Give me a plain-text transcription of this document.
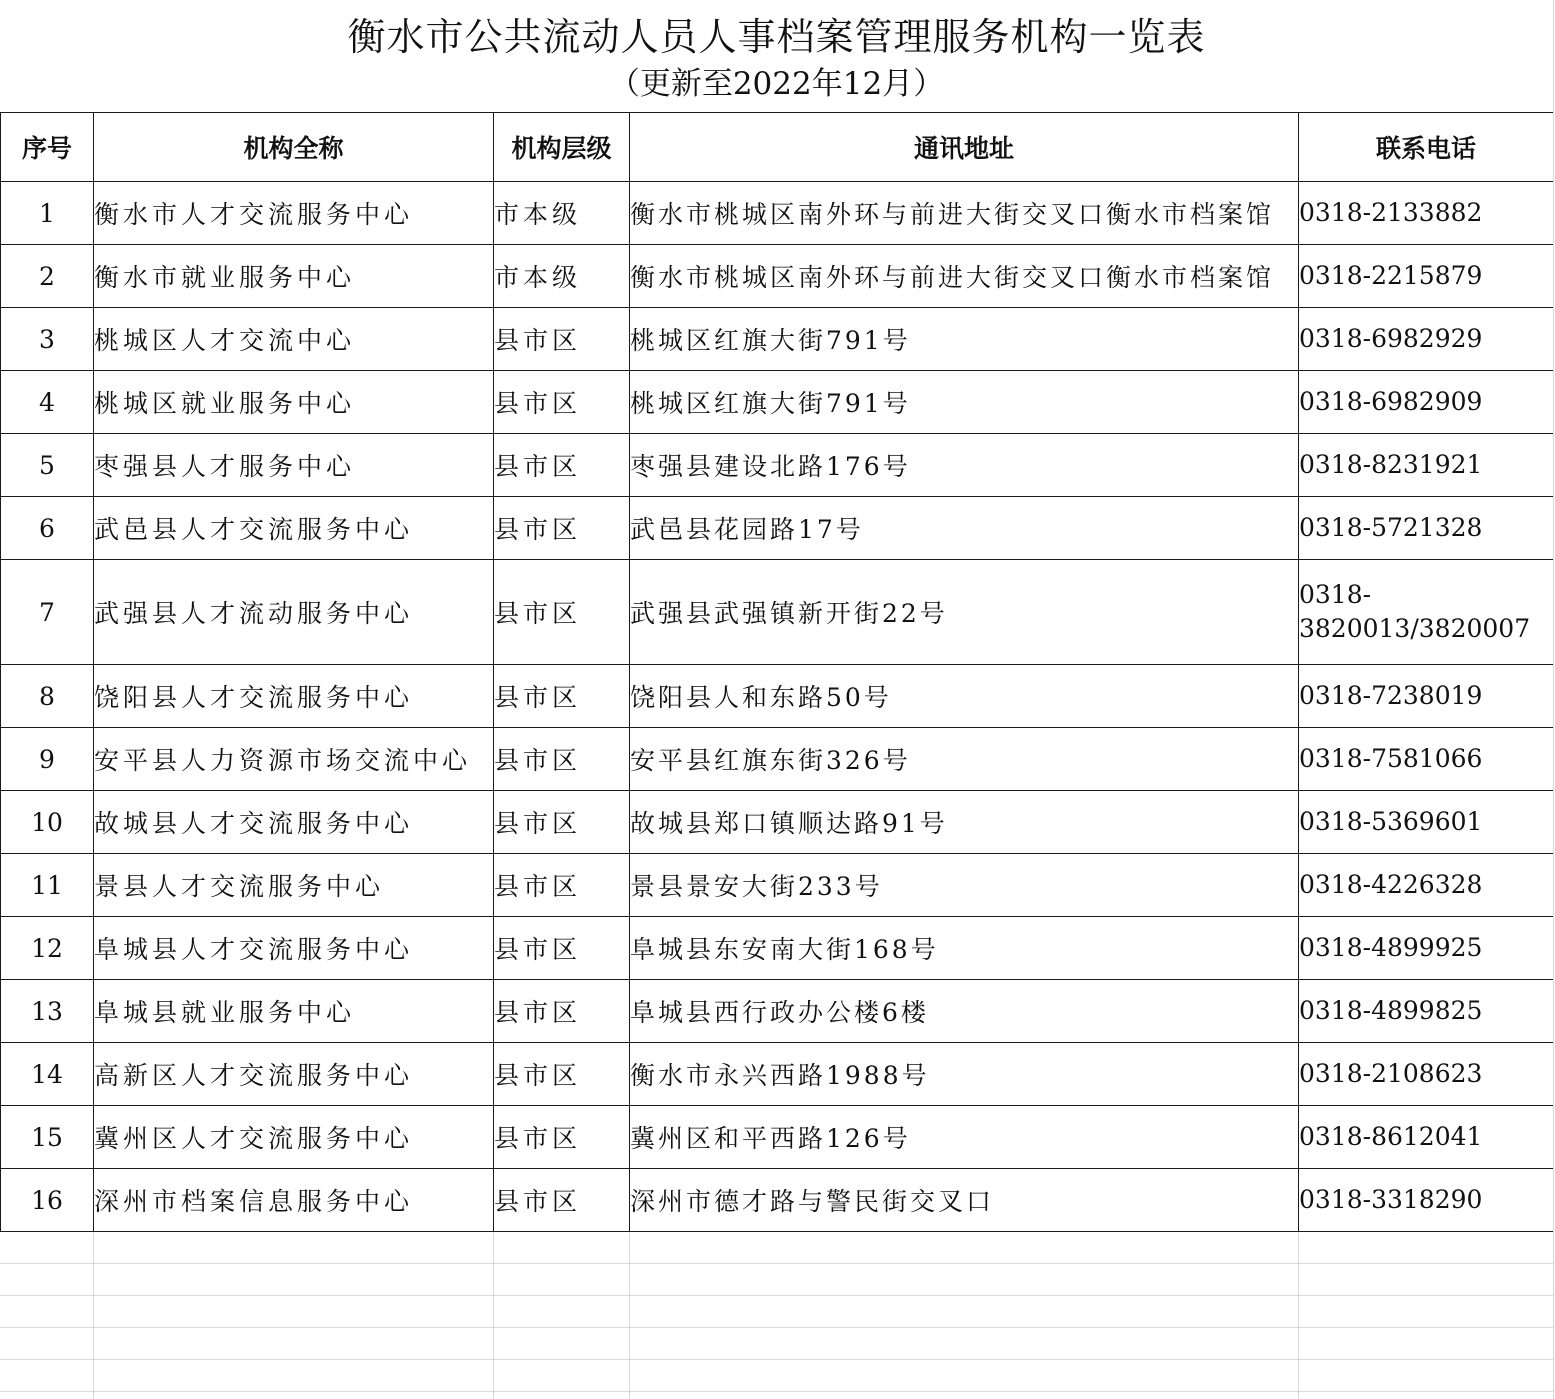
衡水市公共流动人员人事档案管理服务机构一览表
（更新至2022年12月）
序号	机构全称	机构层级	通讯地址	联系电话
1	衡水市人才交流服务中心	市本级	衡水市桃城区南外环与前进大街交叉口衡水市档案馆	0318-2133882
2	衡水市就业服务中心	市本级	衡水市桃城区南外环与前进大街交叉口衡水市档案馆	0318-2215879
3	桃城区人才交流中心	县市区	桃城区红旗大街791号	0318-6982929
4	桃城区就业服务中心	县市区	桃城区红旗大街791号	0318-6982909
5	枣强县人才服务中心	县市区	枣强县建设北路176号	0318-8231921
6	武邑县人才交流服务中心	县市区	武邑县花园路17号	0318-5721328
7	武强县人才流动服务中心	县市区	武强县武强镇新开街22号	0318-3820013/3820007
8	饶阳县人才交流服务中心	县市区	饶阳县人和东路50号	0318-7238019
9	安平县人力资源市场交流中心	县市区	安平县红旗东街326号	0318-7581066
10	故城县人才交流服务中心	县市区	故城县郑口镇顺达路91号	0318-5369601
11	景县人才交流服务中心	县市区	景县景安大街233号	0318-4226328
12	阜城县人才交流服务中心	县市区	阜城县东安南大街168号	0318-4899925
13	阜城县就业服务中心	县市区	阜城县西行政办公楼6楼	0318-4899825
14	高新区人才交流服务中心	县市区	衡水市永兴西路1988号	0318-2108623
15	冀州区人才交流服务中心	县市区	冀州区和平西路126号	0318-8612041
16	深州市档案信息服务中心	县市区	深州市德才路与警民街交叉口	0318-3318290
